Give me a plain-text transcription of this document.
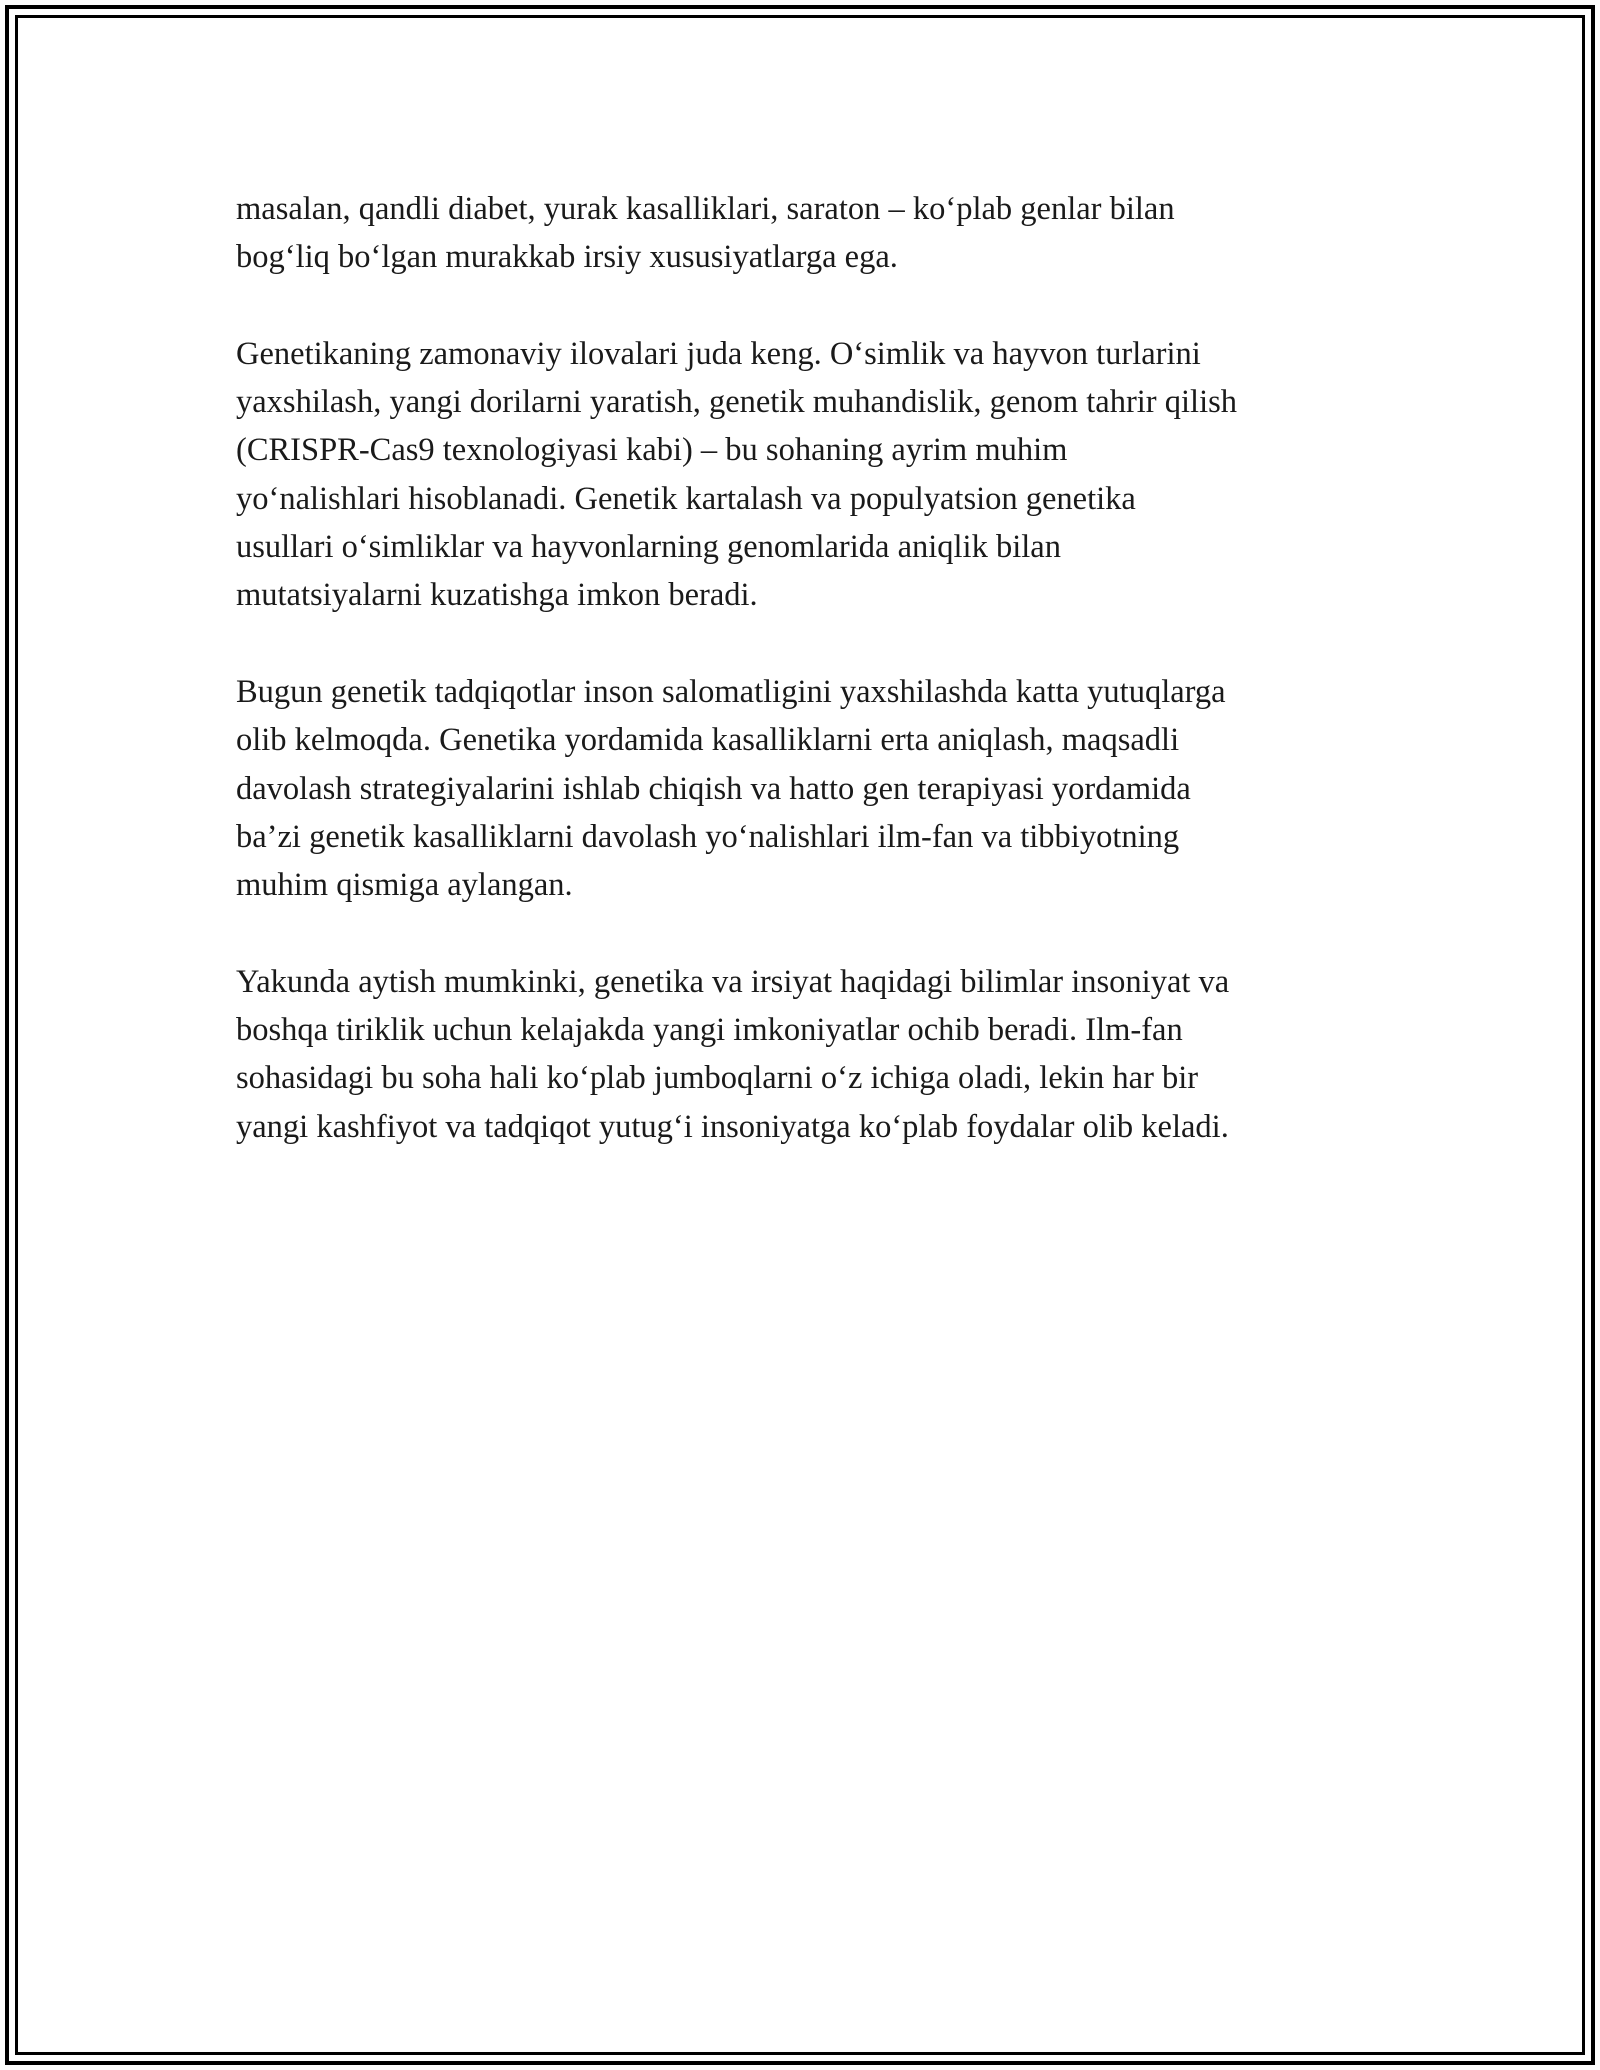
masalan, qandli diabet, yurak kasalliklari, saraton – ko‘plab genlar bilan
bog‘liq bo‘lgan murakkab irsiy xususiyatlarga ega.

Genetikaning zamonaviy ilovalari juda keng. O‘simlik va hayvon turlarini
yaxshilash, yangi dorilarni yaratish, genetik muhandislik, genom tahrir qilish
(CRISPR-Cas9 texnologiyasi kabi) – bu sohaning ayrim muhim
yo‘nalishlari hisoblanadi. Genetik kartalash va populyatsion genetika
usullari o‘simliklar va hayvonlarning genomlarida aniqlik bilan
mutatsiyalarni kuzatishga imkon beradi.

Bugun genetik tadqiqotlar inson salomatligini yaxshilashda katta yutuqlarga
olib kelmoqda. Genetika yordamida kasalliklarni erta aniqlash, maqsadli
davolash strategiyalarini ishlab chiqish va hatto gen terapiyasi yordamida
ba’zi genetik kasalliklarni davolash yo‘nalishlari ilm-fan va tibbiyotning
muhim qismiga aylangan.

Yakunda aytish mumkinki, genetika va irsiyat haqidagi bilimlar insoniyat va
boshqa tiriklik uchun kelajakda yangi imkoniyatlar ochib beradi. Ilm-fan
sohasidagi bu soha hali ko‘plab jumboqlarni o‘z ichiga oladi, lekin har bir
yangi kashfiyot va tadqiqot yutug‘i insoniyatga ko‘plab foydalar olib keladi.
